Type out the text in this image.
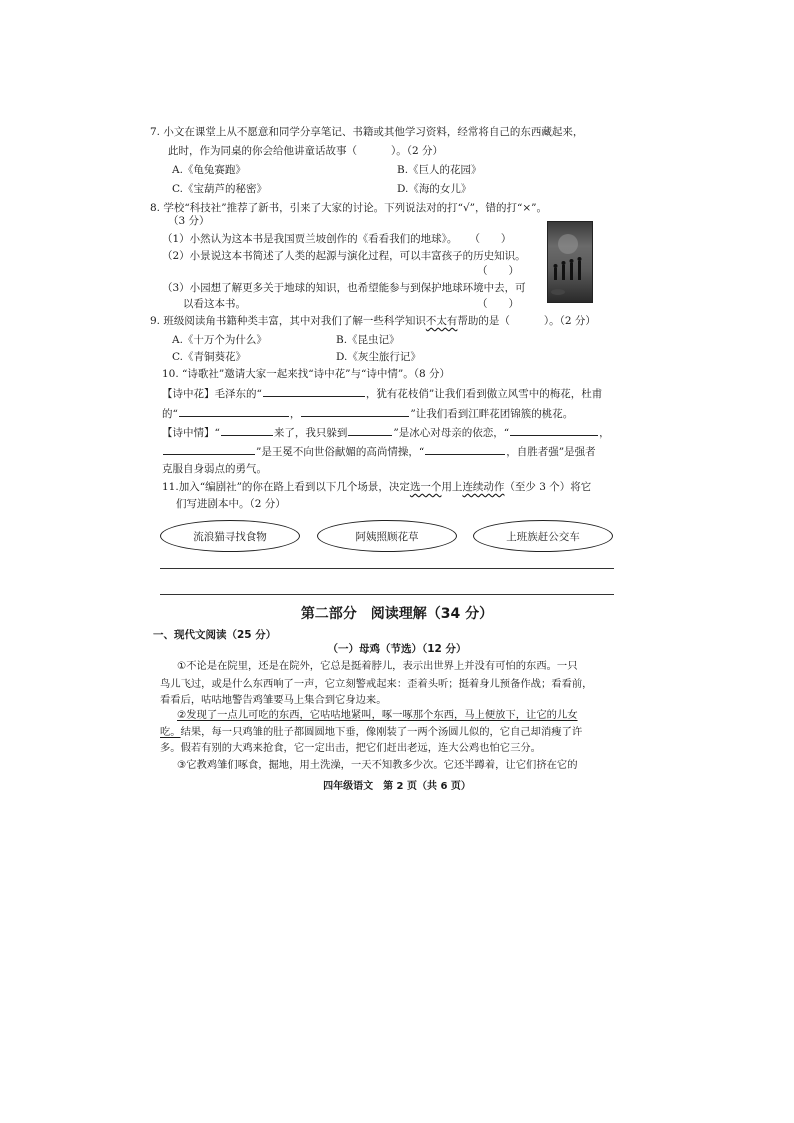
7. 小文在课堂上从不愿意和同学分享笔记、书籍或其他学习资料，经常将自己的东西藏起来，
此时，作为同桌的你会给他讲童话故事（	）。（2 分）
A.《龟兔赛跑》	B.《巨人的花园》
C.《宝葫芦的秘密》	D.《海的女儿》
8. 学校“科技社”推荐了新书，引来了大家的讨论。下列说法对的打“√”，错的打“×”。
（3 分）
（1）小然认为这本书是我国贾兰坡创作的《看看我们的地球》。 （　　）
（2）小景说这本书简述了人类的起源与演化过程，可以丰富孩子的历史知识。
（　　）
（3）小园想了解更多关于地球的知识，也希望能参与到保护地球环境中去，可
以看这本书。	（　　）
9. 班级阅读角书籍种类丰富，其中对我们了解一些科学知识不太有帮助的是（	）。（2 分）
A.《十万个为什么》	B.《昆虫记》
C.《青铜葵花》	D.《灰尘旅行记》
10. “诗歌社”邀请大家一起来找“诗中花”与“诗中情”。（8 分）
【诗中花】毛泽东的“	，犹有花枝俏”让我们看到傲立风雪中的梅花，杜甫
的“	，	”让我们看到江畔花团锦簇的桃花。
【诗中情】“	来了，我只躲到	”是冰心对母亲的依恋，“	，
”是王冕不向世俗献媚的高尚情操，“	，自胜者强”是强者
克服自身弱点的勇气。
11.加入“编剧社”的你在路上看到以下几个场景，决定选一个用上连续动作（至少 3 个）将它
们写进剧本中。（2 分）
流浪猫寻找食物	阿姨照顾花草	上班族赶公交车
第二部分　阅读理解（34 分）
一、现代文阅读（25 分）
（一）母鸡（节选）（12 分）
①不论是在院里，还是在院外，它总是挺着脖儿，表示出世界上并没有可怕的东西。一只
鸟儿飞过，或是什么东西响了一声，它立刻警戒起来：歪着头听；挺着身儿预备作战；看看前，
看看后，咕咕地警告鸡雏要马上集合到它身边来。
②发现了一点儿可吃的东西，它咕咕地紧叫，啄一啄那个东西，马上便放下，让它的儿女
吃。结果，每一只鸡雏的肚子都圆圆地下垂，像刚装了一两个汤圆儿似的，它自己却消瘦了许
多。假若有别的大鸡来抢食，它一定出击，把它们赶出老远，连大公鸡也怕它三分。
③它教鸡雏们啄食，掘地，用土洗澡，一天不知教多少次。它还半蹲着，让它们挤在它的
四年级语文　第 2 页（共 6 页）
